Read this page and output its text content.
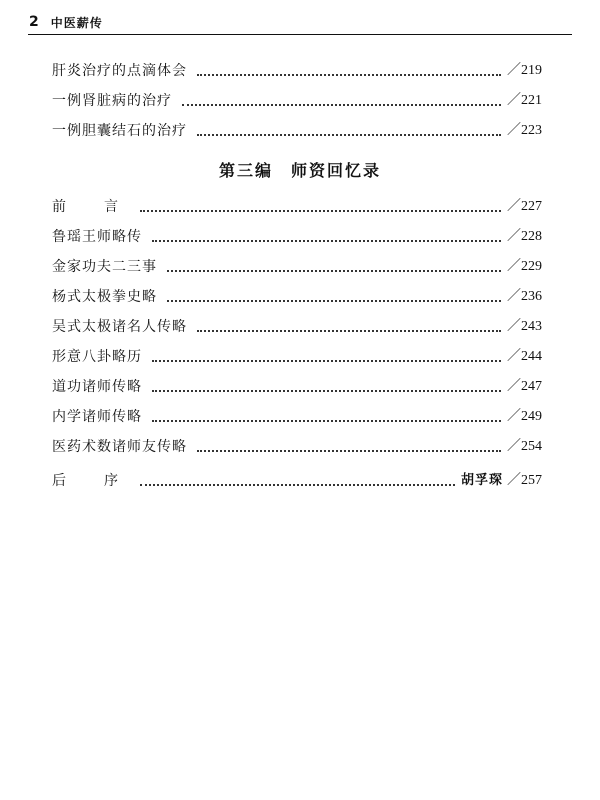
2 中医薪传
肝炎治疗的点滴体会	／219
一例肾脏病的治疗	／221
一例胆囊结石的治疗	／223
第三编　师资回忆录
前　言	／227
鲁瑶王师略传	／228
金家功夫二三事	／229
杨式太极拳史略	／236
吴式太极诸名人传略	／243
形意八卦略历	／244
道功诸师传略	／247
内学诸师传略	／249
医药术数诸师友传略	／254
后　序	胡孚琛 ／257
